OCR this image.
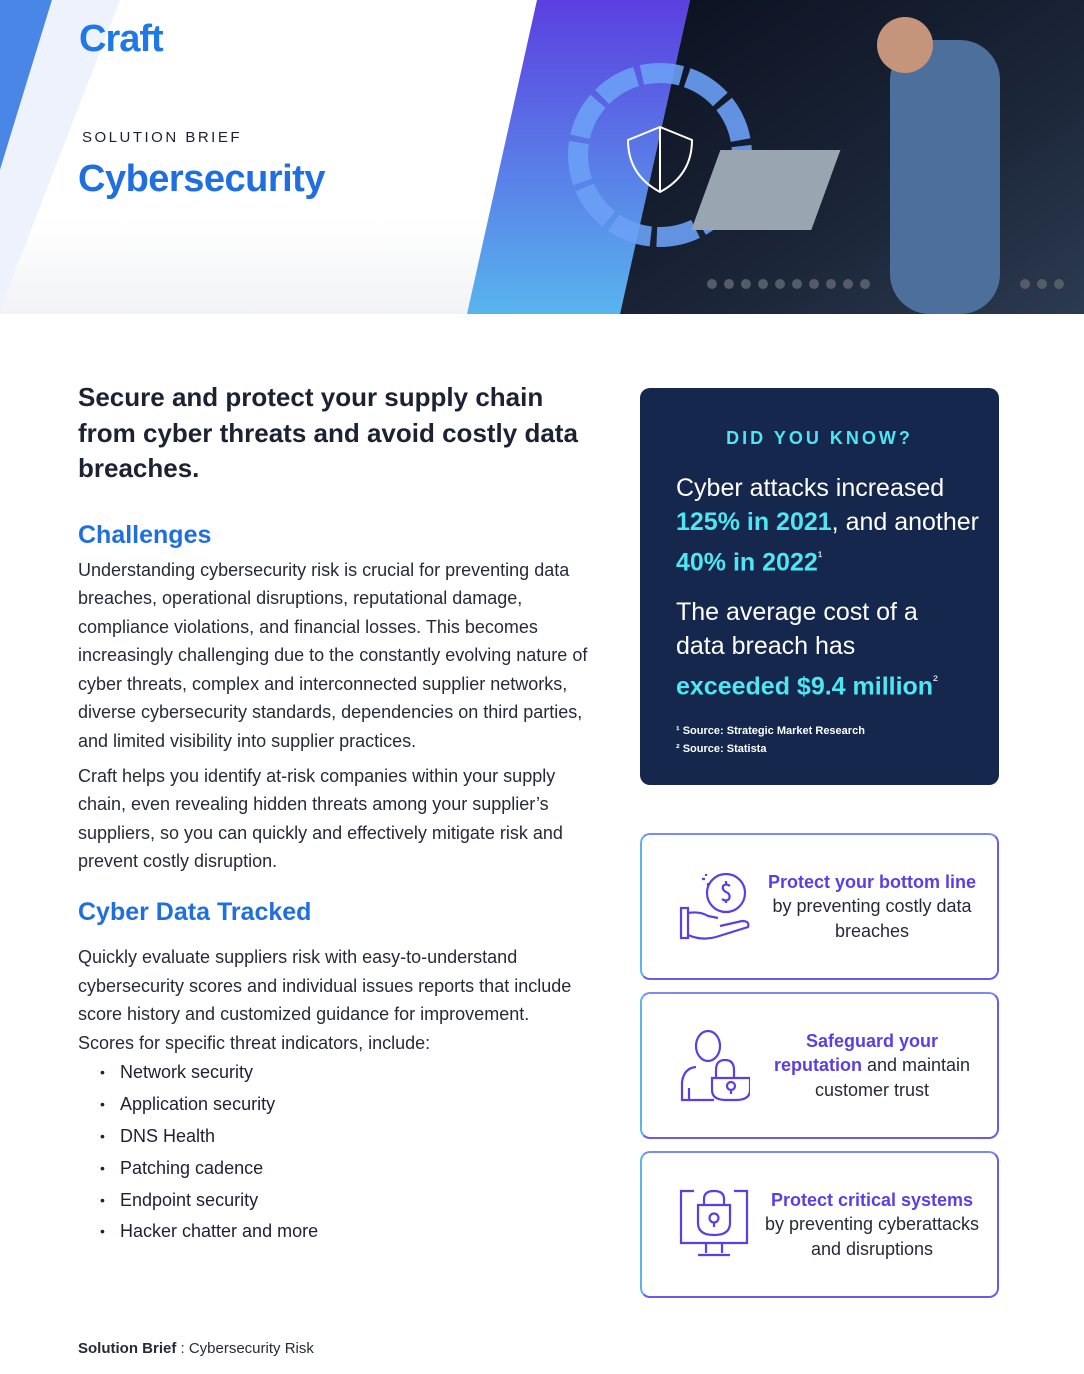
Craft
SOLUTION BRIEF
Cybersecurity
Secure and protect your supply chain from cyber threats and avoid costly data breaches.
Challenges

Understanding cybersecurity risk is crucial for preventing data breaches, operational disruptions, reputational damage, compliance violations, and financial losses. This becomes increasingly challenging due to the constantly evolving nature of cyber threats, complex and interconnected supplier networks, diverse cybersecurity standards, dependencies on third parties, and limited visibility into supplier practices.

Craft helps you identify at-risk companies within your supply chain, even revealing hidden threats among your supplier’s suppliers, so you can quickly and effectively mitigate risk and prevent costly disruption.

Cyber Data Tracked

Quickly evaluate suppliers risk with easy-to-understand cybersecurity scores and individual issues reports that include score history and customized guidance for improvement. Scores for specific threat indicators, include:

• Network security
• Application security
• DNS Health
• Patching cadence
• Endpoint security
• Hacker chatter and more
DID YOU KNOW?
Cyber attacks increased 125% in 2021, and another 40% in $2022^{^1}$
The average cost of a data breach has exceeded $9.4 million$^{^2}$
¹ Source: Strategic Market Research
² Source: Statista
Protect your bottom line by preventing costly data breaches
Safeguard your reputation and maintain customer trust
Protect critical systems by preventing cyberattacks and disruptions
Solution Brief : Cybersecurity Risk
